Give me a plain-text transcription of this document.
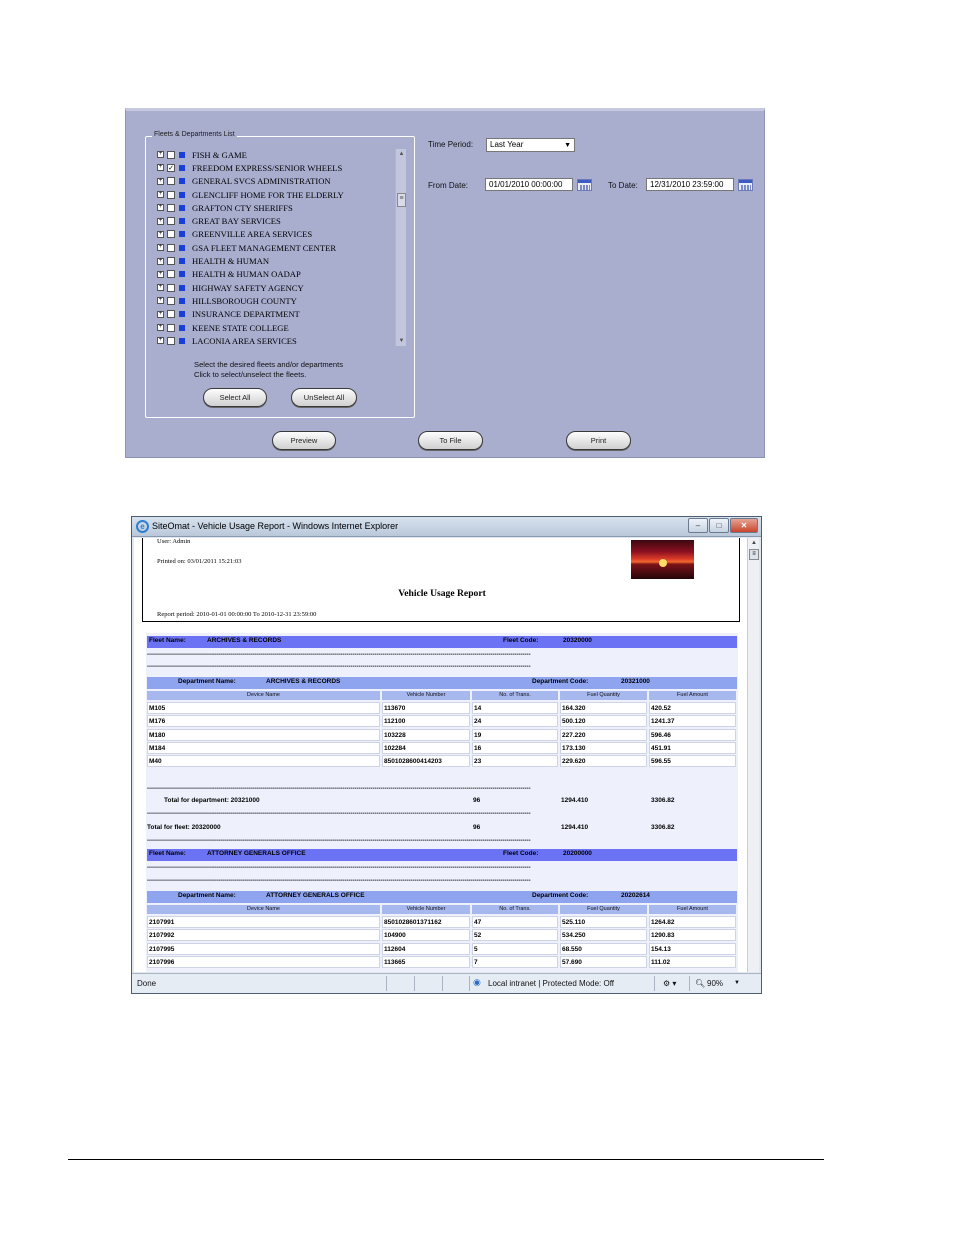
Fleets & Departments List
+	FISH & GAME
+ ✓ FREEDOM EXPRESS/SENIOR WHEELS
+	GENERAL SVCS ADMINISTRATION
+	GLENCLIFF HOME FOR THE ELDERLY
+	GRAFTON CTY SHERIFFS
+	GREAT BAY SERVICES
+	GREENVILLE AREA SERVICES
+	GSA FLEET MANAGEMENT CENTER
+	HEALTH & HUMAN
+	HEALTH & HUMAN OADAP
+	HIGHWAY SAFETY AGENCY
+	HILLSBOROUGH COUNTY
+	INSURANCE DEPARTMENT
+	KEENE STATE COLLEGE
+	LACONIA AREA SERVICES
▲
≡
▼
Select the desired fleets and/or departments
Click to select/unselect the fleets.
Select All	UnSelect All
Time Period:	Last Year	▼
From Date:	01/01/2010 00:00:00	To Date:	12/31/2010 23:59:00
Preview	To File	Print
e SiteOmat - Vehicle Usage Report - Windows Internet Explorer	–	□	✕
User: Admin
Printed on: 03/01/2011 15:21:03
Vehicle Usage Report
Report period: 2010-01-01 00:00:00 To 2010-12-31 23:59:00
Fleet Name:	ARCHIVES & RECORDS	Fleet Code:	20320000
------------------------------------------------------------------------------------------------------------------------------------------------------------------------------------------------
------------------------------------------------------------------------------------------------------------------------------------------------------------------------------------------------
Department Name:	ARCHIVES & RECORDS	Department Code:	20321000
Device Name	Vehicle Number	No. of Trans.	Fuel Quantity	Fuel Amount
M105	113670	14	164.320	420.52
M176	112100	24	500.120	1241.37
M180	103228	19	227.220	596.46
M184	102284	16	173.130	451.91
M40	8501028600414203	23	229.620	596.55
------------------------------------------------------------------------------------------------------------------------------------------------------------------------------------------------
Total for department: 20321000	96	1294.410	3306.82
------------------------------------------------------------------------------------------------------------------------------------------------------------------------------------------------
Total for fleet: 20320000	96	1294.410	3306.82
------------------------------------------------------------------------------------------------------------------------------------------------------------------------------------------------
Fleet Name:	ATTORNEY GENERALS OFFICE	Fleet Code:	20200000
------------------------------------------------------------------------------------------------------------------------------------------------------------------------------------------------
------------------------------------------------------------------------------------------------------------------------------------------------------------------------------------------------
Department Name:	ATTORNEY GENERALS OFFICE	Department Code:	20202614
Device Name	Vehicle Number	No. of Trans.	Fuel Quantity	Fuel Amount
2107991	8501028601371162	47	525.110	1264.82
2107992	104900	52	534.250	1290.83
2107995	112604	5	68.550	154.13
2107996	113665	7	57.690	111.02
▲
≡
Done	◉ Local intranet | Protected Mode: Off	⚙ ▾ 🔍︎ 90% ▼
